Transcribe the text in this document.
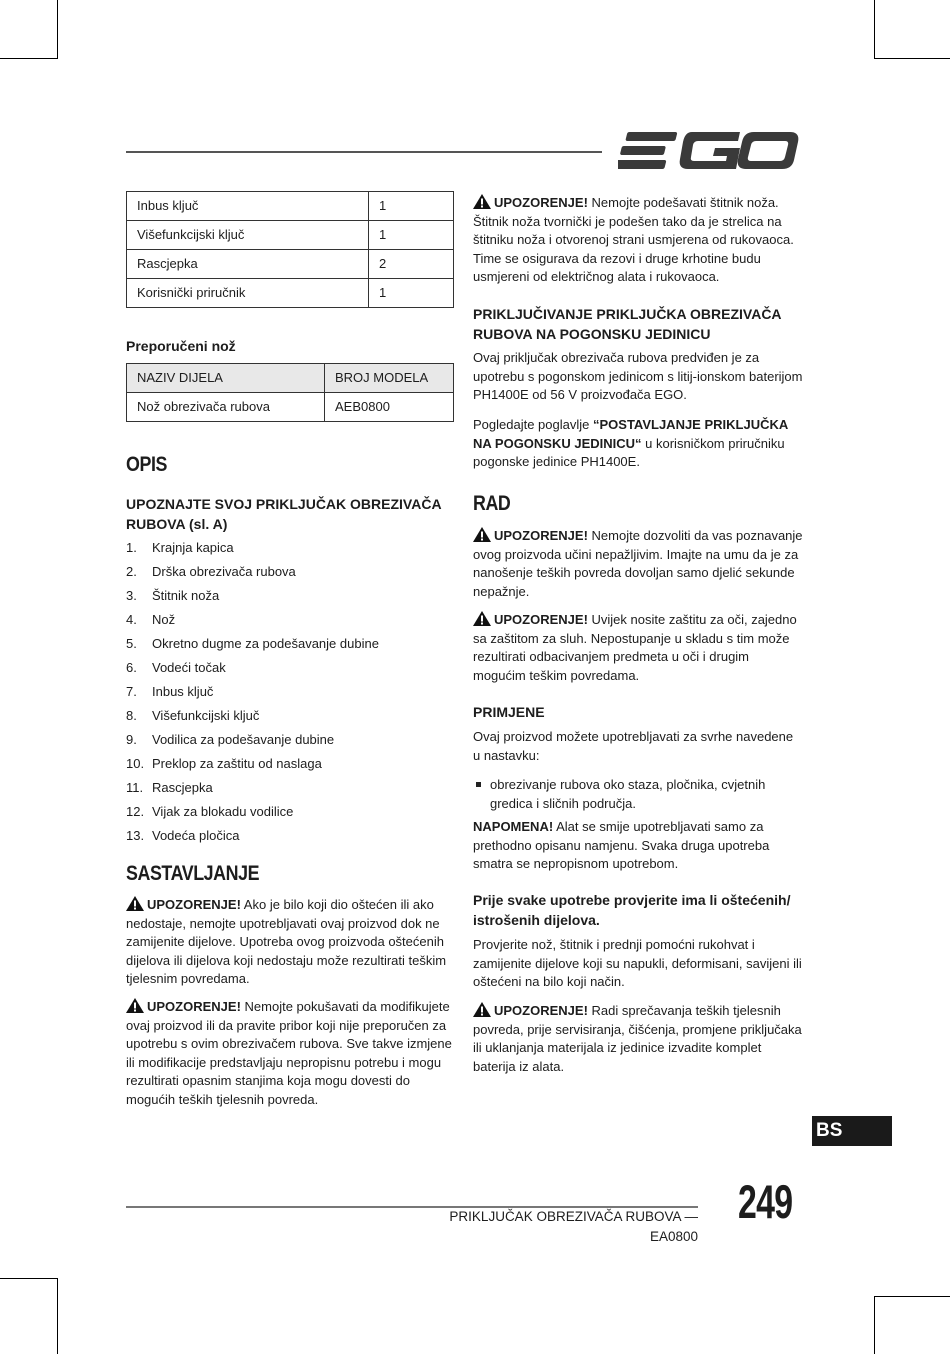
Inbus ključ	1
Višefunkcijski ključ	1
Rascjepka	2
Korisnički priručnik	1
Preporučeni nož
NAZIV DIJELA	BROJ MODELA
Nož obrezivača rubova	AEB0800
OPIS
UPOZNAJTE SVOJ PRIKLJUČAK OBREZIVAČA RUBOVA (sl. A)
1.	Krajnja kapica
2.	Drška obrezivača rubova
3.	Štitnik noža
4.	Nož
5.	Okretno dugme za podešavanje dubine
6.	Vodeći točak
7.	Inbus ključ
8.	Višefunkcijski ključ
9.	Vodilica za podešavanje dubine
10. Preklop za zaštitu od naslaga
11. Rascjepka
12. Vijak za blokadu vodilice
13. Vodeća pločica
SASTAVLJANJE

UPOZORENJE! Ako je bilo koji dio oštećen ili ako nedostaje, nemojte upotrebljavati ovaj proizvod dok ne zamijenite dijelove. Upotreba ovog proizvoda oštećenih dijelova ili dijelova koji nedostaju može rezultirati teškim tjelesnim povredama.

UPOZORENJE! Nemojte pokušavati da modifikujete ovaj proizvod ili da pravite pribor koji nije preporučen za upotrebu s ovim obrezivačem rubova. Sve takve izmjene ili modifikacije predstavljaju nepropisnu potrebu i mogu rezultirati opasnim stanjima koja mogu dovesti do mogućih teških tjelesnih povreda.

UPOZORENJE! Nemojte podešavati štitnik noža. Štitnik noža tvornički je podešen tako da je strelica na štitniku noža i otvorenoj strani usmjerena od rukovaoca. Time se osigurava da rezovi i druge krhotine budu usmjereni od električnog alata i rukovaoca.

PRIKLJUČIVANJE PRIKLJUČKA OBREZIVAČA RUBOVA NA POGONSKU JEDINICU
Ovaj priključak obrezivača rubova predviđen je za upotrebu s pogonskom jedinicom s litij-ionskom baterijom PH1400E od 56 V proizvođača EGO.

Pogledajte poglavlje “POSTAVLJANJE PRIKLJUČKA NA POGONSKU JEDINICU“ u korisničkom priručniku pogonske jedinice PH1400E.

RAD

UPOZORENJE! Nemojte dozvoliti da vas poznavanje ovog proizvoda učini nepažljivim. Imajte na umu da je za nanošenje teških povreda dovoljan samo djelić sekunde nepažnje.

UPOZORENJE! Uvijek nosite zaštitu za oči, zajedno sa zaštitom za sluh. Nepostupanje u skladu s tim može rezultirati odbacivanjem predmeta u oči i drugim mogućim teškim povredama.

PRIMJENE
Ovaj proizvod možete upotrebljavati za svrhe navedene u nastavku:
obrezivanje rubova oko staza, pločnika, cvjetnih gredica i sličnih područja.

NAPOMENA! Alat se smije upotrebljavati samo za prethodno opisanu namjenu. Svaka druga upotreba smatra se nepropisnom upotrebom.

Prije svake upotrebe provjerite ima li oštećenih/ istrošenih dijelova.
Provjerite nož, štitnik i prednji pomoćni rukohvat i zamijenite dijelove koji su napukli, deformisani, savijeni ili oštećeni na bilo koji način.

UPOZORENJE! Radi sprečavanja teških tjelesnih povreda, prije servisiranja, čišćenja, promjene priključaka ili uklanjanja materijala iz jedinice izvadite komplet baterija iz alata.

BS
PRIKLJUČAK OBREZIVAČA RUBOVA — EA0800
249
